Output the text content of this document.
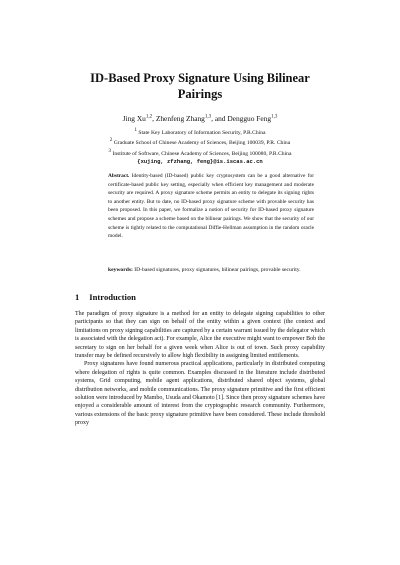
ID-Based Proxy Signature Using Bilinear
Pairings
Jing Xu$^{1,2}$, Zhenfeng Zhang$^{1,3}$, and Dengguo Feng$^{1,3}$
$^1$ State Key Laboratory of Information Security, P.R.China
$^2$ Graduate School of Chinese Academy of Sciences, Beijing 100039, P.R. China
$^3$ Institute of Software, Chinese Academy of Sciences, Beijing 100080, P.R.China
{xujing, zfzhang, feng}@is.iscas.ac.cn
Abstract. Identity-based (ID-based) public key cryptosystem can be a good alternative for certificate-based public key setting, especially when efficient key management and moderate security are required. A proxy signature scheme permits an entity to delegate its signing rights to another entity. But to date, no ID-based proxy signature scheme with provable security has been proposed. In this paper, we formalize a notion of security for ID-based proxy signature schemes and propose a scheme based on the bilinear pairings. We show that the security of our scheme is tightly related to the computational Diffie-Hellman assumption in the random oracle model.
keywords: ID-based signatures, proxy signatures, bilinear pairings, provable security.
1 Introduction

The paradigm of proxy signature is a method for an entity to delegate signing capabilities to other participants so that they can sign on behalf of the entity within a given context (the context and limitations on proxy signing capabilities are captured by a certain warrant issued by the delegator which is associated with the delegation act). For example, Alice the executive might want to empower Bob the secretary to sign on her behalf for a given week when Alice is out of town. Such proxy capability transfer may be defined recursively to allow high flexibility in assigning limited entitlements.

Proxy signatures have found numerous practical applications, particularly in distributed computing where delegation of rights is quite common. Examples discussed in the literature include distributed systems, Grid computing, mobile agent applications, distributed shared object systems, global distribution networks, and mobile communications. The proxy signature primitive and the first efficient solution were introduced by Mambo, Usuda and Okamoto [1]. Since then proxy signature schemes have enjoyed a considerable amount of interest from the cryptographic research community. Furthermore, various extensions of the basic proxy signature primitive have been considered. These include threshold proxy
